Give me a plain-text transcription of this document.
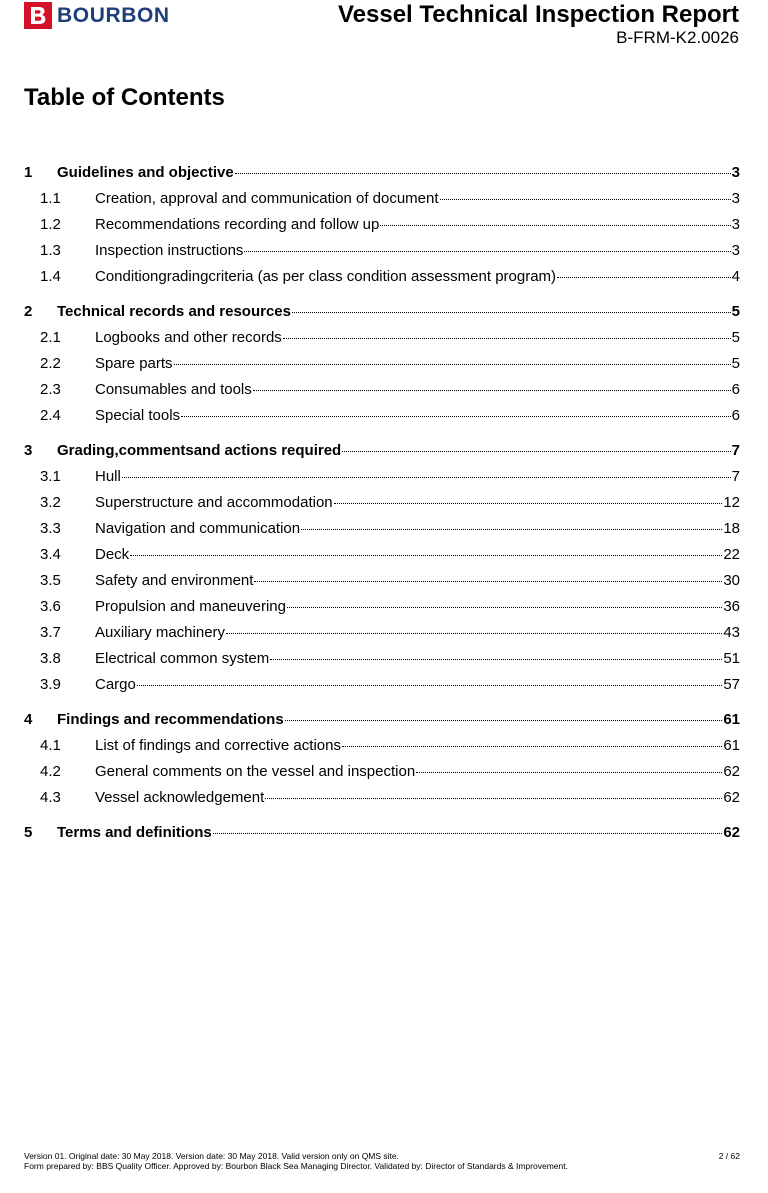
BOURBON	Vessel Technical Inspection Report
B-FRM-K2.0026
Table of Contents
1	Guidelines and objective	3
1.1	Creation, approval and communication of document	3
1.2	Recommendations recording and follow up	3
1.3	Inspection instructions	3
1.4	Conditiongradingcriteria (as per class condition assessment program)	4
2	Technical records and resources	5
2.1	Logbooks and other records	5
2.2	Spare parts	5
2.3	Consumables and tools	6
2.4	Special tools	6
3	Grading,commentsand actions required	7
3.1	Hull	7
3.2	Superstructure and accommodation	12
3.3	Navigation and communication	18
3.4	Deck	22
3.5	Safety and environment	30
3.6	Propulsion and maneuvering	36
3.7	Auxiliary machinery	43
3.8	Electrical common system	51
3.9	Cargo	57
4	Findings and recommendations	61
4.1	List of findings and corrective actions	61
4.2	General comments on the vessel and inspection	62
4.3	Vessel acknowledgement	62
5	Terms and definitions	62
Version 01. Original date: 30 May 2018. Version date: 30 May 2018. Valid version only on QMS site.
Form prepared by: BBS Quality Officer. Approved by: Bourbon Black Sea Managing Director. Validated by: Director of Standards & Improvement.
2 / 62
